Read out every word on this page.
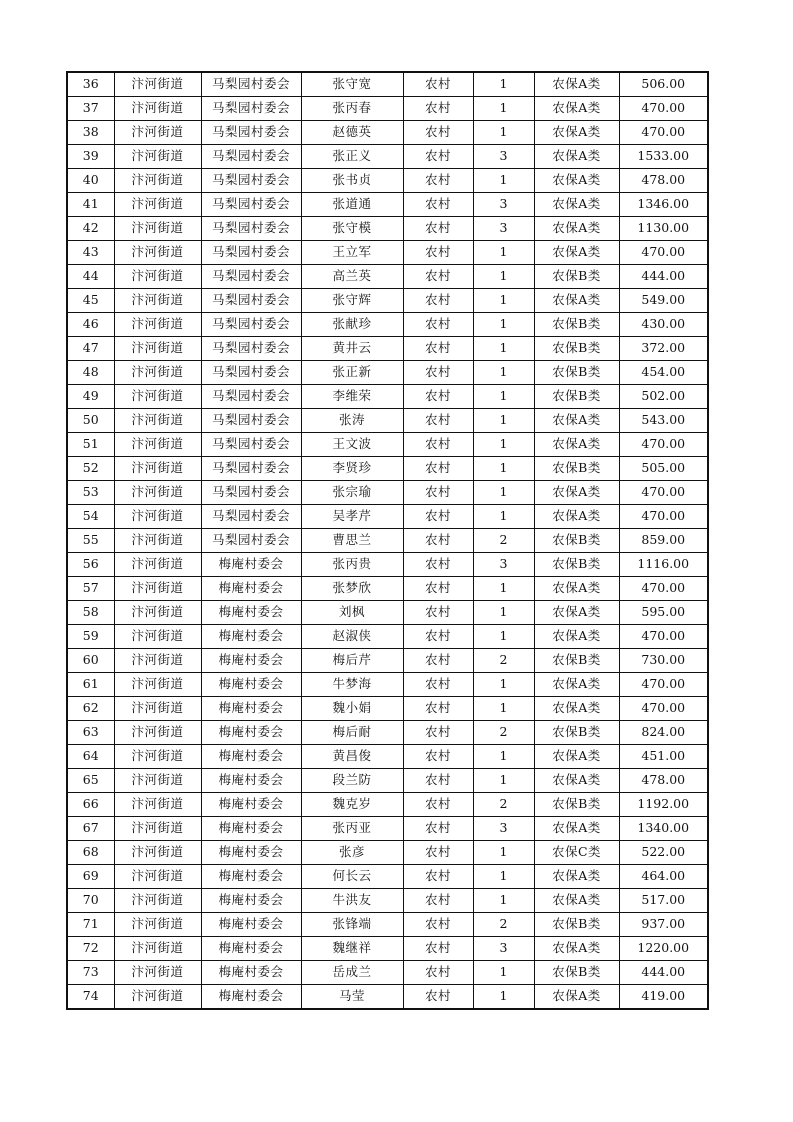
36	汴河街道	马梨园村委会	张守宽	农村	1	农保A类	506.00
37	汴河街道	马梨园村委会	张丙春	农村	1	农保A类	470.00
38	汴河街道	马梨园村委会	赵德英	农村	1	农保A类	470.00
39	汴河街道	马梨园村委会	张正义	农村	3	农保A类	1533.00
40	汴河街道	马梨园村委会	张书贞	农村	1	农保A类	478.00
41	汴河街道	马梨园村委会	张道通	农村	3	农保A类	1346.00
42	汴河街道	马梨园村委会	张守模	农村	3	农保A类	1130.00
43	汴河街道	马梨园村委会	王立军	农村	1	农保A类	470.00
44	汴河街道	马梨园村委会	高兰英	农村	1	农保B类	444.00
45	汴河街道	马梨园村委会	张守辉	农村	1	农保A类	549.00
46	汴河街道	马梨园村委会	张献珍	农村	1	农保B类	430.00
47	汴河街道	马梨园村委会	黄井云	农村	1	农保B类	372.00
48	汴河街道	马梨园村委会	张正新	农村	1	农保B类	454.00
49	汴河街道	马梨园村委会	李维荣	农村	1	农保B类	502.00
50	汴河街道	马梨园村委会	张涛	农村	1	农保A类	543.00
51	汴河街道	马梨园村委会	王文波	农村	1	农保A类	470.00
52	汴河街道	马梨园村委会	李贤珍	农村	1	农保B类	505.00
53	汴河街道	马梨园村委会	张宗瑜	农村	1	农保A类	470.00
54	汴河街道	马梨园村委会	吴孝芹	农村	1	农保A类	470.00
55	汴河街道	马梨园村委会	曹思兰	农村	2	农保B类	859.00
56	汴河街道	梅庵村委会	张丙贵	农村	3	农保B类	1116.00
57	汴河街道	梅庵村委会	张梦欣	农村	1	农保A类	470.00
58	汴河街道	梅庵村委会	刘枫	农村	1	农保A类	595.00
59	汴河街道	梅庵村委会	赵淑侠	农村	1	农保A类	470.00
60	汴河街道	梅庵村委会	梅后芹	农村	2	农保B类	730.00
61	汴河街道	梅庵村委会	牛梦海	农村	1	农保A类	470.00
62	汴河街道	梅庵村委会	魏小娟	农村	1	农保A类	470.00
63	汴河街道	梅庵村委会	梅后耐	农村	2	农保B类	824.00
64	汴河街道	梅庵村委会	黄昌俊	农村	1	农保A类	451.00
65	汴河街道	梅庵村委会	段兰防	农村	1	农保A类	478.00
66	汴河街道	梅庵村委会	魏克岁	农村	2	农保B类	1192.00
67	汴河街道	梅庵村委会	张丙亚	农村	3	农保A类	1340.00
68	汴河街道	梅庵村委会	张彦	农村	1	农保C类	522.00
69	汴河街道	梅庵村委会	何长云	农村	1	农保A类	464.00
70	汴河街道	梅庵村委会	牛洪友	农村	1	农保A类	517.00
71	汴河街道	梅庵村委会	张锋端	农村	2	农保B类	937.00
72	汴河街道	梅庵村委会	魏继祥	农村	3	农保A类	1220.00
73	汴河街道	梅庵村委会	岳成兰	农村	1	农保B类	444.00
74	汴河街道	梅庵村委会	马莹	农村	1	农保A类	419.00
